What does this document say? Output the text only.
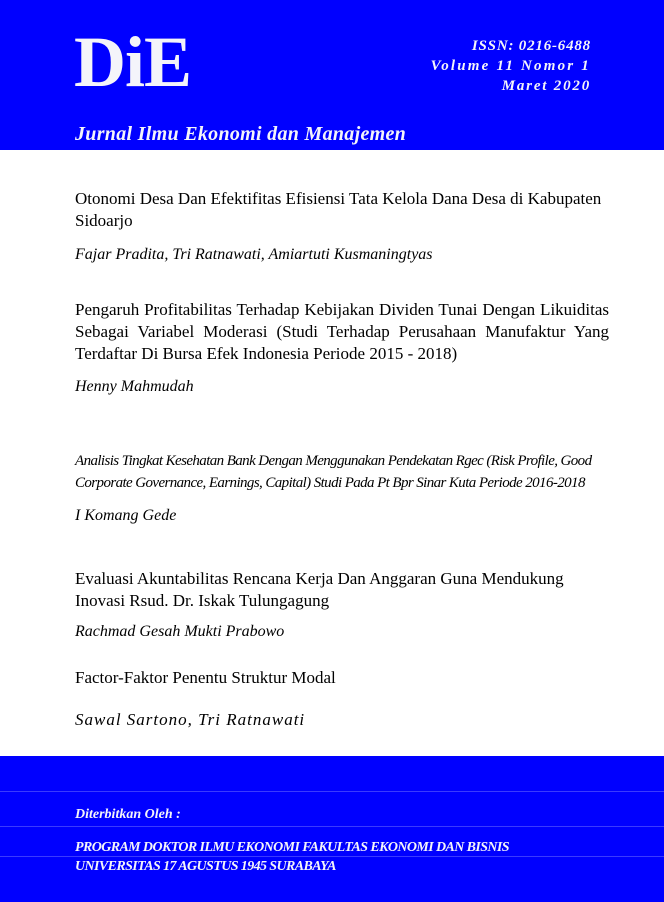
DiE	ISSN: 0216-6488
Volume 11 Nomor 1
Maret 2020
Jurnal Ilmu Ekonomi dan Manajemen

Otonomi Desa Dan Efektifitas Efisiensi Tata Kelola Dana Desa di Kabupaten Sidoarjo

Fajar Pradita, Tri Ratnawati, Amiartuti Kusmaningtyas

Pengaruh Profitabilitas Terhadap Kebijakan Dividen Tunai Dengan Likuiditas Sebagai Variabel Moderasi (Studi Terhadap Perusahaan Manufaktur Yang Terdaftar Di Bursa Efek Indonesia Periode 2015 - 2018)

Henny Mahmudah

Analisis Tingkat Kesehatan Bank Dengan Menggunakan Pendekatan Rgec (Risk Profile, Good Corporate Governance, Earnings, Capital) Studi Pada Pt Bpr Sinar Kuta Periode 2016-2018

I Komang Gede

Evaluasi Akuntabilitas Rencana Kerja Dan Anggaran Guna Mendukung Inovasi Rsud. Dr. Iskak Tulungagung

Rachmad Gesah Mukti Prabowo

Factor-Faktor Penentu Struktur Modal

Sawal Sartono, Tri Ratnawati

Diterbitkan Oleh :
PROGRAM DOKTOR ILMU EKONOMI FAKULTAS EKONOMI DAN BISNIS
UNIVERSITAS 17 AGUSTUS 1945 SURABAYA
